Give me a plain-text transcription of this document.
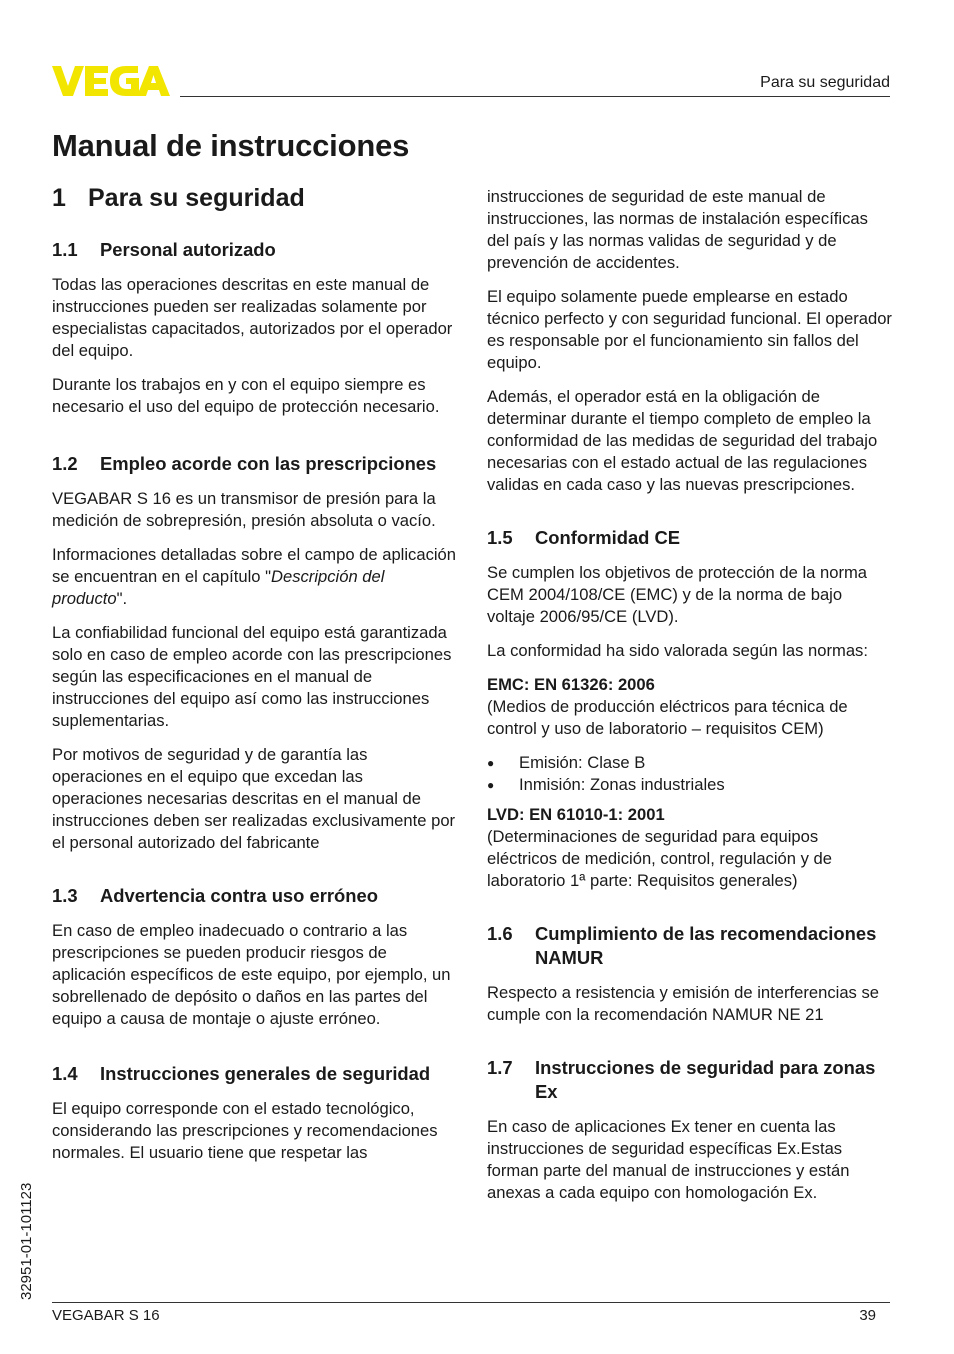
Para su seguridad
Manual de instrucciones
1 Para su seguridad
1.1	Personal autorizado

Todas las operaciones descritas en este manual de instrucciones pueden ser realizadas solamente por especialistas capacitados, autorizados por el operador del equipo.

Durante los trabajos en y con el equipo siempre es necesario el uso del equipo de protección necesario.

1.2	Empleo acorde con las prescripciones

VEGABAR S 16 es un transmisor de presión para la medición de sobrepresión, presión absoluta o vacío.

Informaciones detalladas sobre el campo de aplicación se encuentran en el capítulo "Descripción del producto".

La confiabilidad funcional del equipo está garantizada solo en caso de empleo acorde con las prescripciones según las especificaciones en el manual de instrucciones del equipo así como las instrucciones suplementarias.

Por motivos de seguridad y de garantía las operaciones en el equipo que excedan las operaciones necesarias descritas en el manual de instrucciones deben ser realizadas exclusivamente por el personal autorizado del fabricante

1.3	Advertencia contra uso erróneo

En caso de empleo inadecuado o contrario a las prescripciones se pueden producir riesgos de aplicación específicos de este equipo, por ejemplo, un sobrellenado de depósito o daños en las partes del equipo a causa de montaje o ajuste erróneo.

1.4	Instrucciones generales de seguridad

El equipo corresponde con el estado tecnológico, considerando las prescripciones y recomendaciones normales. El usuario tiene que respetar las

instrucciones de seguridad de este manual de instrucciones, las normas de instalación específicas del país y las normas validas de seguridad y de prevención de accidentes.

El equipo solamente puede emplearse en estado técnico perfecto y con seguridad funcional. El operador es responsable por el funcionamiento sin fallos del equipo.

Además, el operador está en la obligación de determinar durante el tiempo completo de empleo la conformidad de las medidas de seguridad del trabajo necesarias con el estado actual de las regulaciones validas en cada caso y las nuevas prescripciones.

1.5	Conformidad CE

Se cumplen los objetivos de protección de la norma CEM 2004/108/CE (EMC) y de la norma de bajo voltaje 2006/95/CE (LVD).

La conformidad ha sido valorada según las normas:

EMC: EN 61326: 2006
(Medios de producción eléctricos para técnica de control y uso de laboratorio – requisitos CEM)

● Emisión: Clase B
● Inmisión: Zonas industriales

LVD: EN 61010-1: 2001
(Determinaciones de seguridad para equipos eléctricos de medición, control, regulación y de laboratorio 1ª parte: Requisitos generales)

1.6	Cumplimiento de las recomendaciones NAMUR

Respecto a resistencia y emisión de interferencias se cumple con la recomendación NAMUR NE 21

1.7	Instrucciones de seguridad para zonas Ex

En caso de aplicaciones Ex tener en cuenta las instrucciones de seguridad específicas Ex.Estas forman parte del manual de instrucciones y están anexas a cada equipo con homologación Ex.

32951-01-101123
VEGABAR S 16	39
